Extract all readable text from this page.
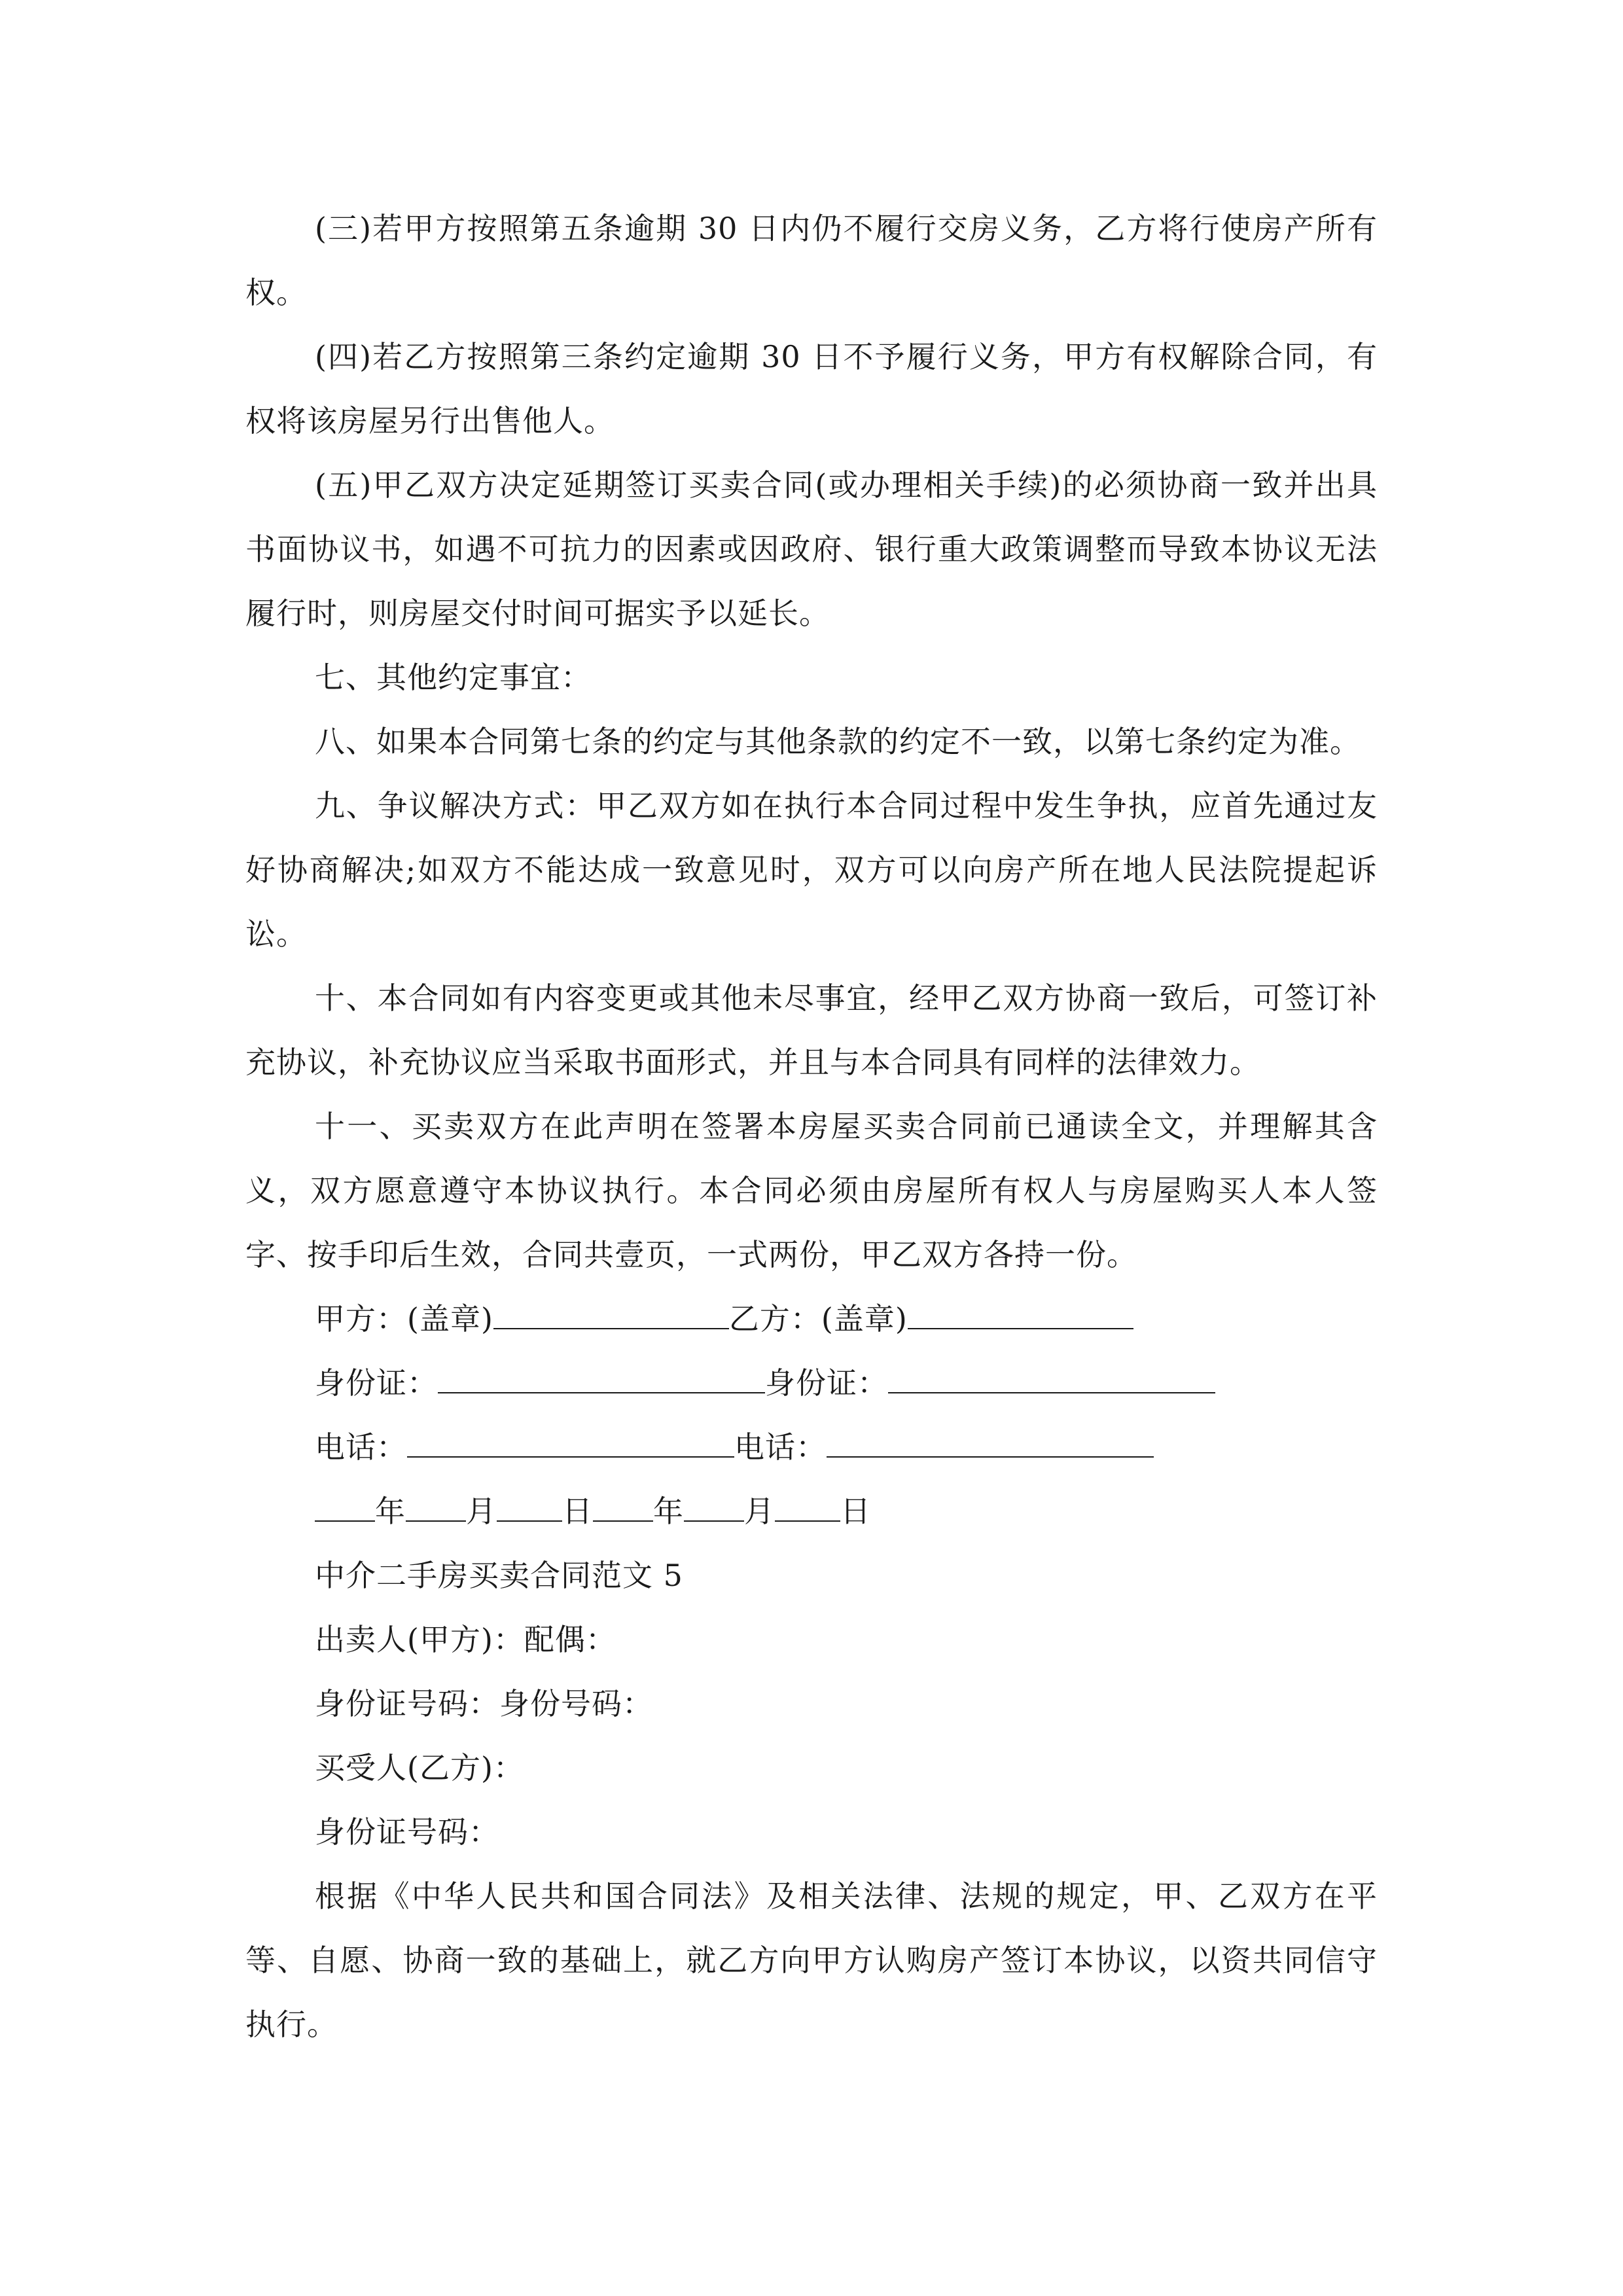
(三)若甲方按照第五条逾期 30 日内仍不履行交房义务，乙方将行使房产所有权。

(四)若乙方按照第三条约定逾期 30 日不予履行义务，甲方有权解除合同，有权将该房屋另行出售他人。

(五)甲乙双方决定延期签订买卖合同(或办理相关手续)的必须协商一致并出具书面协议书，如遇不可抗力的因素或因政府、银行重大政策调整而导致本协议无法履行时，则房屋交付时间可据实予以延长。

七、其他约定事宜：

八、如果本合同第七条的约定与其他条款的约定不一致，以第七条约定为准。

九、争议解决方式：甲乙双方如在执行本合同过程中发生争执，应首先通过友好协商解决;如双方不能达成一致意见时，双方可以向房产所在地人民法院提起诉讼。

十、本合同如有内容变更或其他未尽事宜，经甲乙双方协商一致后，可签订补充协议，补充协议应当采取书面形式，并且与本合同具有同样的法律效力。

十一、买卖双方在此声明在签署本房屋买卖合同前已通读全文，并理解其含义，双方愿意遵守本协议执行。本合同必须由房屋所有权人与房屋购买人本人签字、按手印后生效，合同共壹页，一式两份，甲乙双方各持一份。

甲方：(盖章)	乙方：(盖章)

身份证：	身份证：

电话：	电话：

年 月 日 年 月 日

中介二手房买卖合同范文 5

出卖人(甲方)：配偶：

身份证号码：身份号码：

买受人(乙方)：

身份证号码：

根据《中华人民共和国合同法》及相关法律、法规的规定，甲、乙双方在平等、自愿、协商一致的基础上，就乙方向甲方认购房产签订本协议，以资共同信守执行。
